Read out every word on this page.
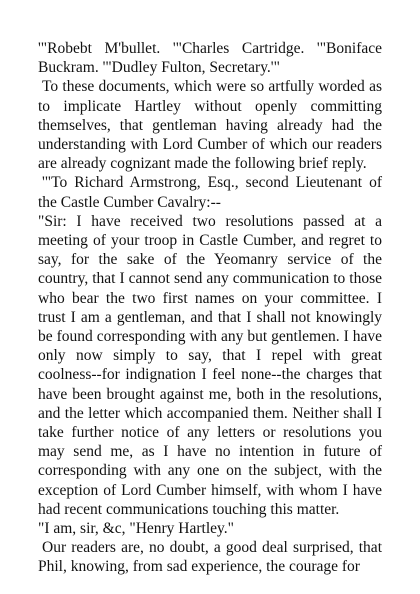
'"Robebt M'bullet. '"Charles Cartridge. '"Boniface Buckram. '"Dudley Fulton, Secretary.'"

To these documents, which were so artfully worded as to implicate Hartley without openly committing themselves, that gentleman having already had the understanding with Lord Cumber of which our readers are already cognizant made the following brief reply.

'"To Richard Armstrong, Esq., second Lieutenant of the Castle Cumber Cavalry:--

"Sir: I have received two resolutions passed at a meeting of your troop in Castle Cumber, and regret to say, for the sake of the Yeomanry service of the country, that I cannot send any communication to those who bear the two first names on your committee. I trust I am a gentleman, and that I shall not knowingly be found corresponding with any but gentlemen. I have only now simply to say, that I repel with great coolness--for indignation I feel none--the charges that have been brought against me, both in the resolutions, and the letter which accompanied them. Neither shall I take further notice of any letters or resolutions you may send me, as I have no intention in future of corresponding with any one on the subject, with the exception of Lord Cumber himself, with whom I have had recent communications touching this matter.

"I am, sir, &c, "Henry Hartley."

Our readers are, no doubt, a good deal surprised, that Phil, knowing, from sad experience, the courage for
